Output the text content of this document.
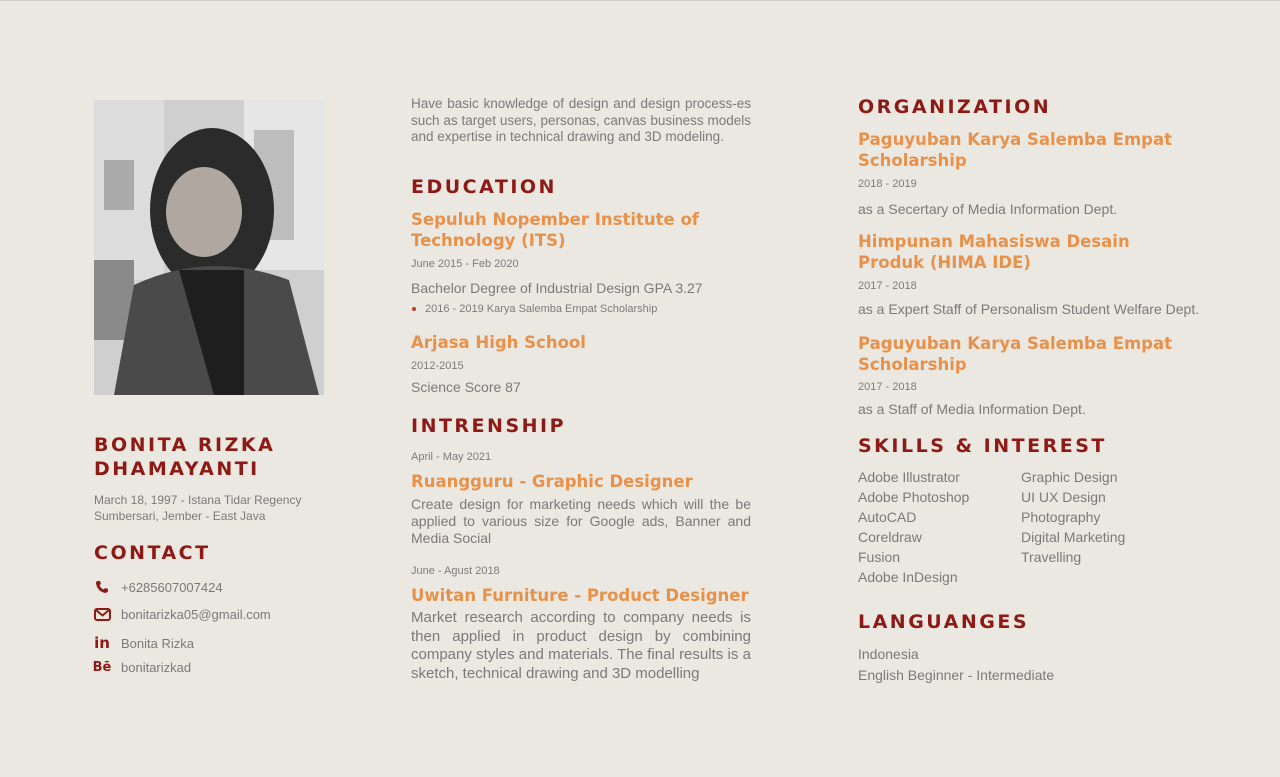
BONITA RIZKA
DHAMAYANTI
March 18, 1997 - Istana Tidar Regency
Sumbersari, Jember - East Java
CONTACT
+6285607007424
bonitarizka05@gmail.com
in Bonita Rizka
Bē bonitarizkad
Have basic knowledge of design and design process-es such as target users, personas, canvas business models and expertise in technical drawing and 3D modeling.
EDUCATION
Sepuluh Nopember Institute of Technology (ITS)
June 2015 - Feb 2020
Bachelor Degree of Industrial Design GPA 3.27
2016 - 2019 Karya Salemba Empat Scholarship
Arjasa High School
2012-2015
Science Score 87
INTRENSHIP
April - May 2021
Ruangguru - Graphic Designer
Create design for marketing needs which will the be applied to various size for Google ads, Banner and Media Social
June - Agust 2018
Uwitan Furniture - Product Designer
Market research according to company needs is then applied in product design by combining company styles and materials. The final results is a sketch, technical drawing and 3D modelling
ORGANIZATION
Paguyuban Karya Salemba Empat Scholarship
2018 - 2019
as a Secertary of Media Information Dept.
Himpunan Mahasiswa Desain Produk (HIMA IDE)
2017 - 2018
as a Expert Staff of Personalism Student Welfare Dept.
Paguyuban Karya Salemba Empat Scholarship
2017 - 2018
as a Staff of Media Information Dept.
SKILLS & INTEREST
Adobe Illustrator	Graphic Design
Adobe Photoshop	UI UX Design
AutoCAD	Photography
Coreldraw	Digital Marketing
Fusion	Travelling
Adobe InDesign
LANGUANGES
Indonesia
English Beginner - Intermediate
